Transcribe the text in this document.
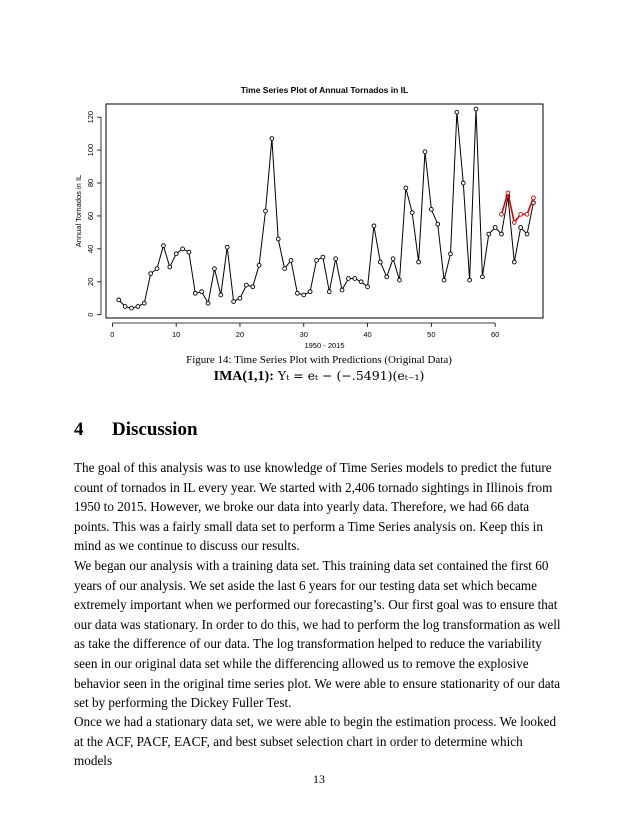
0	10	20	30	40	50	60
0
20
40
60
80
100
120
Time Series Plot of Annual Tornados in IL
1950 - 2015
Annual Tornados in IL
Figure 14: Time Series Plot with Predictions (Original Data)
IMA(1,1): Yₜ = eₜ − (−.5491)(eₜ₋₁)
4 Discussion

The goal of this analysis was to use knowledge of Time Series models to predict the future count of tornados in IL every year. We started with 2,406 tornado sightings in Illinois from 1950 to 2015. However, we broke our data into yearly data. Therefore, we had 66 data points. This was a fairly small data set to perform a Time Series analysis on. Keep this in mind as we continue to discuss our results.

We began our analysis with a training data set. This training data set contained the first 60 years of our analysis. We set aside the last 6 years for our testing data set which became extremely important when we performed our forecasting’s. Our first goal was to ensure that our data was stationary. In order to do this, we had to perform the log transformation as well as take the difference of our data. The log transformation helped to reduce the variability seen in our original data set while the differencing allowed us to remove the explosive behavior seen in the original time series plot. We were able to ensure stationarity of our data set by performing the Dickey Fuller Test.

Once we had a stationary data set, we were able to begin the estimation process. We looked at the ACF, PACF, EACF, and best subset selection chart in order to determine which models

13
